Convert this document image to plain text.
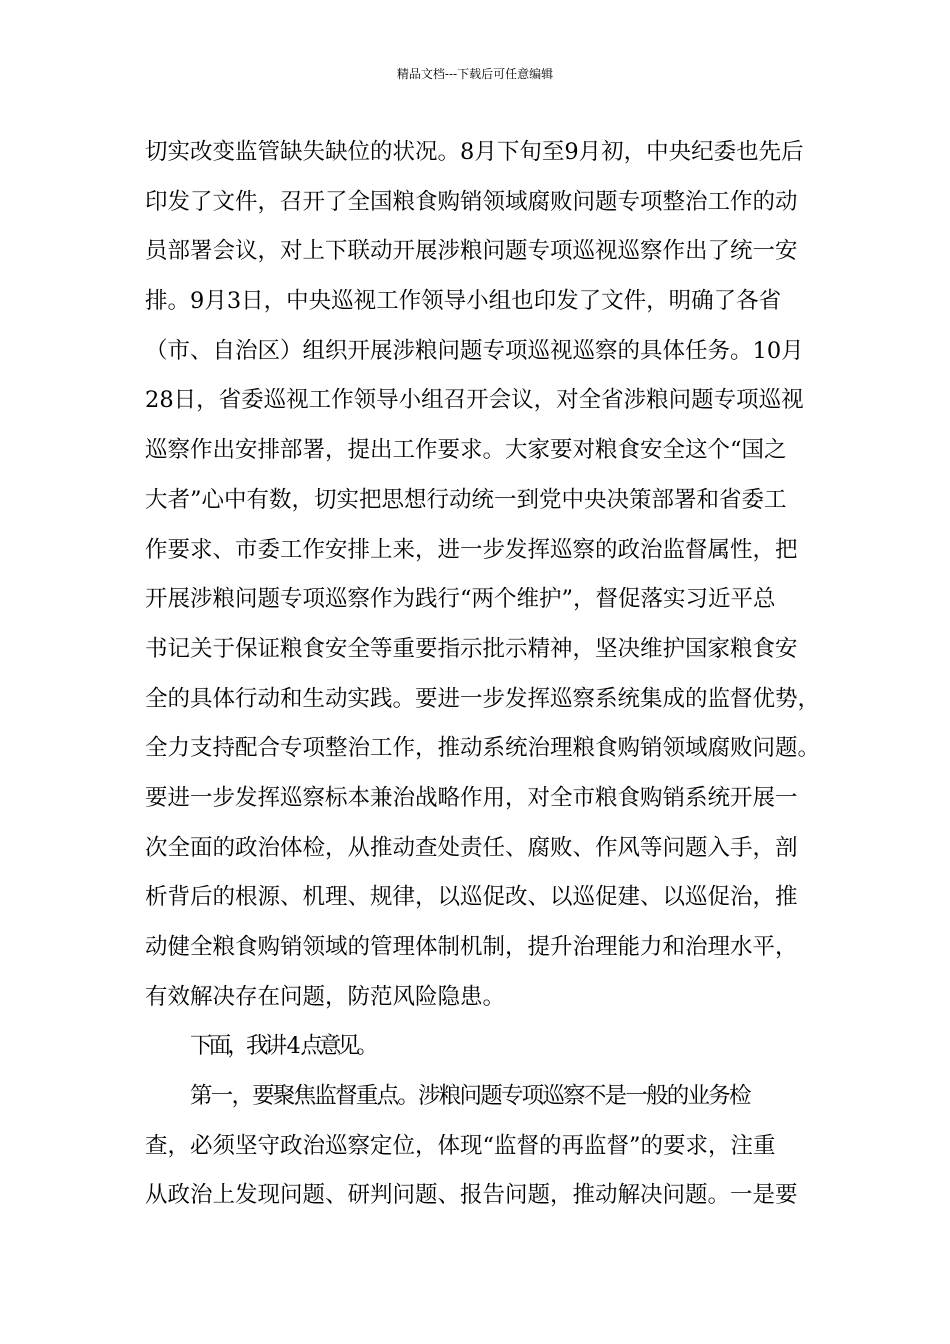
精品文档---下载后可任意编辑
切实改变监管缺失缺位的状况。8月下旬至9月初，中央纪委也先后
印发了文件，召开了全国粮食购销领域腐败问题专项整治工作的动
员部署会议，对上下联动开展涉粮问题专项巡视巡察作出了统一安
排。9月3日，中央巡视工作领导小组也印发了文件，明确了各省
（市、自治区）组织开展涉粮问题专项巡视巡察的具体任务。10月
28日，省委巡视工作领导小组召开会议，对全省涉粮问题专项巡视
巡察作出安排部署，提出工作要求。大家要对粮食安全这个“国之
大者”心中有数，切实把思想行动统一到党中央决策部署和省委工
作要求、市委工作安排上来，进一步发挥巡察的政治监督属性，把
开展涉粮问题专项巡察作为践行“两个维护”，督促落实习近平总
书记关于保证粮食安全等重要指示批示精神，坚决维护国家粮食安
全的具体行动和生动实践。要进一步发挥巡察系统集成的监督优势，
全力支持配合专项整治工作，推动系统治理粮食购销领域腐败问题。
要进一步发挥巡察标本兼治战略作用，对全市粮食购销系统开展一
次全面的政治体检，从推动查处责任、腐败、作风等问题入手，剖
析背后的根源、机理、规律，以巡促改、以巡促建、以巡促治，推
动健全粮食购销领域的管理体制机制，提升治理能力和治理水平，
有效解决存在问题，防范风险隐患。
下面，我讲 4 点意见。
第一，要聚焦监督重点。涉粮问题专项巡察不是一般的业务检
查，必须坚守政治巡察定位，体现“监督的再监督”的要求，注重
从政治上发现问题、研判问题、报告问题，推动解决问题。一是要
